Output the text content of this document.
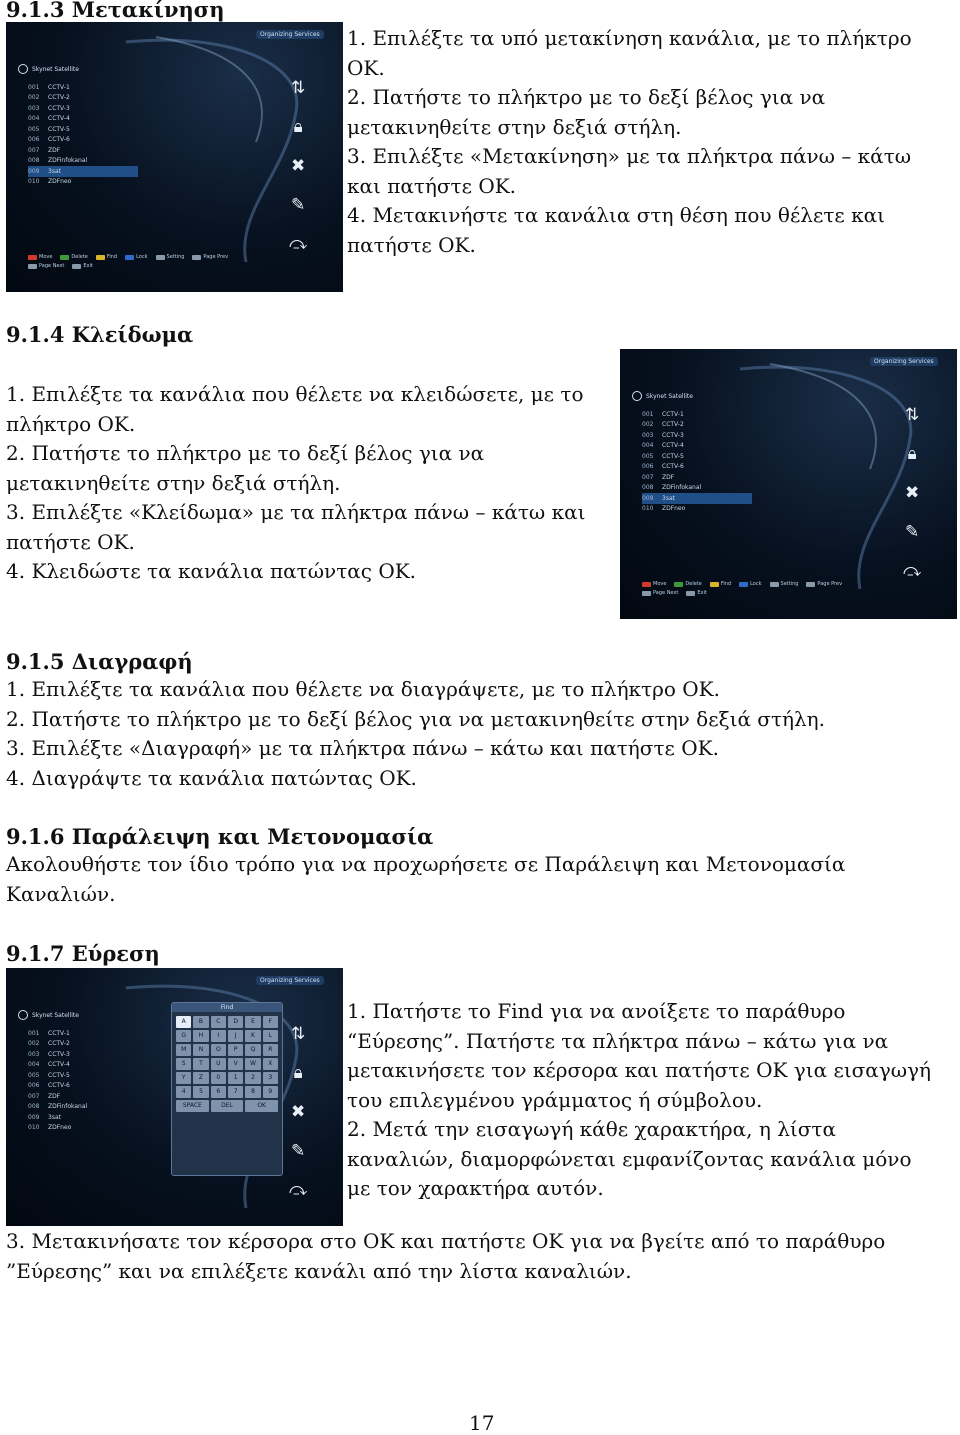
9.1.3 Μετακίνηση
Organizing Services
Skynet Satellite
001	CCTV-1
002	CCTV-2
003	CCTV-3
004	CCTV-4
005	CCTV-5
006	CCTV-6
007	ZDF
008	ZDFinfokanal
009	3sat
010	ZDFneo
⇅
🔒︎
✖
✎
⤼
Move	Delete	Find	Lock	Setting	Page Prev
Page Next	Exit
1. Επιλέξτε τα υπό μετακίνηση κανάλια, με το πλήκτρο
ΟΚ.
2. Πατήστε το πλήκτρο με το δεξί βέλος για να
μετακινηθείτε στην δεξιά στήλη.
3. Επιλέξτε «Μετακίνηση» με τα πλήκτρα πάνω – κάτω
και πατήστε ΟΚ.
4. Μετακινήστε τα κανάλια στη θέση που θέλετε και
πατήστε ΟΚ.
9.1.4 Κλείδωμα
1. Επιλέξτε τα κανάλια που θέλετε να κλειδώσετε, με το
πλήκτρο ΟΚ.
2. Πατήστε το πλήκτρο με το δεξί βέλος για να
μετακινηθείτε στην δεξιά στήλη.
3. Επιλέξτε «Κλείδωμα» με τα πλήκτρα πάνω – κάτω και
πατήστε ΟΚ.
4. Κλειδώστε τα κανάλια πατώντας ΟΚ.
Organizing Services
Skynet Satellite
001	CCTV-1
002	CCTV-2
003	CCTV-3
004	CCTV-4
005	CCTV-5
006	CCTV-6
007	ZDF
008	ZDFinfokanal
009	3sat
010	ZDFneo
⇅
🔒︎
✖
✎
⤼
Move	Delete	Find	Lock	Setting	Page Prev
Page Next	Exit
9.1.5 Διαγραφή
1. Επιλέξτε τα κανάλια που θέλετε να διαγράψετε, με το πλήκτρο ΟΚ.
2. Πατήστε το πλήκτρο με το δεξί βέλος για να μετακινηθείτε στην δεξιά στήλη.
3. Επιλέξτε «Διαγραφή» με τα πλήκτρα πάνω – κάτω και πατήστε ΟΚ.
4. Διαγράψτε τα κανάλια πατώντας ΟΚ.
9.1.6 Παράλειψη και Μετονομασία
Ακολουθήστε τον ίδιο τρόπο για να προχωρήσετε σε Παράλειψη και Μετονομασία
Καναλιών.
9.1.7 Εύρεση
Organizing Services
Skynet Satellite
001	CCTV-1
002	CCTV-2
003	CCTV-3
004	CCTV-4
005	CCTV-5
006	CCTV-6
007	ZDF
008	ZDFinfokanal
009	3sat
010	ZDFneo
Find
A	B	C	D	E	F
G	H	I	J	K	L
M	N	O	P	Q	R
S	T	U	V	W	X
Y	Z	0	1	2	3
4	5	6	7	8	9
SPACE	DEL	OK
⇅
🔒︎
✖
✎
⤼
1. Πατήστε το Find για να ανοίξετε το παράθυρο
“Εύρεσης”. Πατήστε τα πλήκτρα πάνω – κάτω για να
μετακινήσετε τον κέρσορα και πατήστε ΟΚ για εισαγωγή
του επιλεγμένου γράμματος ή σύμβολου.
2. Μετά την εισαγωγή κάθε χαρακτήρα, η λίστα
καναλιών, διαμορφώνεται εμφανίζοντας κανάλια μόνο
με τον χαρακτήρα αυτόν.
3. Μετακινήσατε τον κέρσορα στο ΟΚ και πατήστε ΟΚ για να βγείτε από το παράθυρο
”Εύρεσης” και να επιλέξετε κανάλι από την λίστα καναλιών.
17
